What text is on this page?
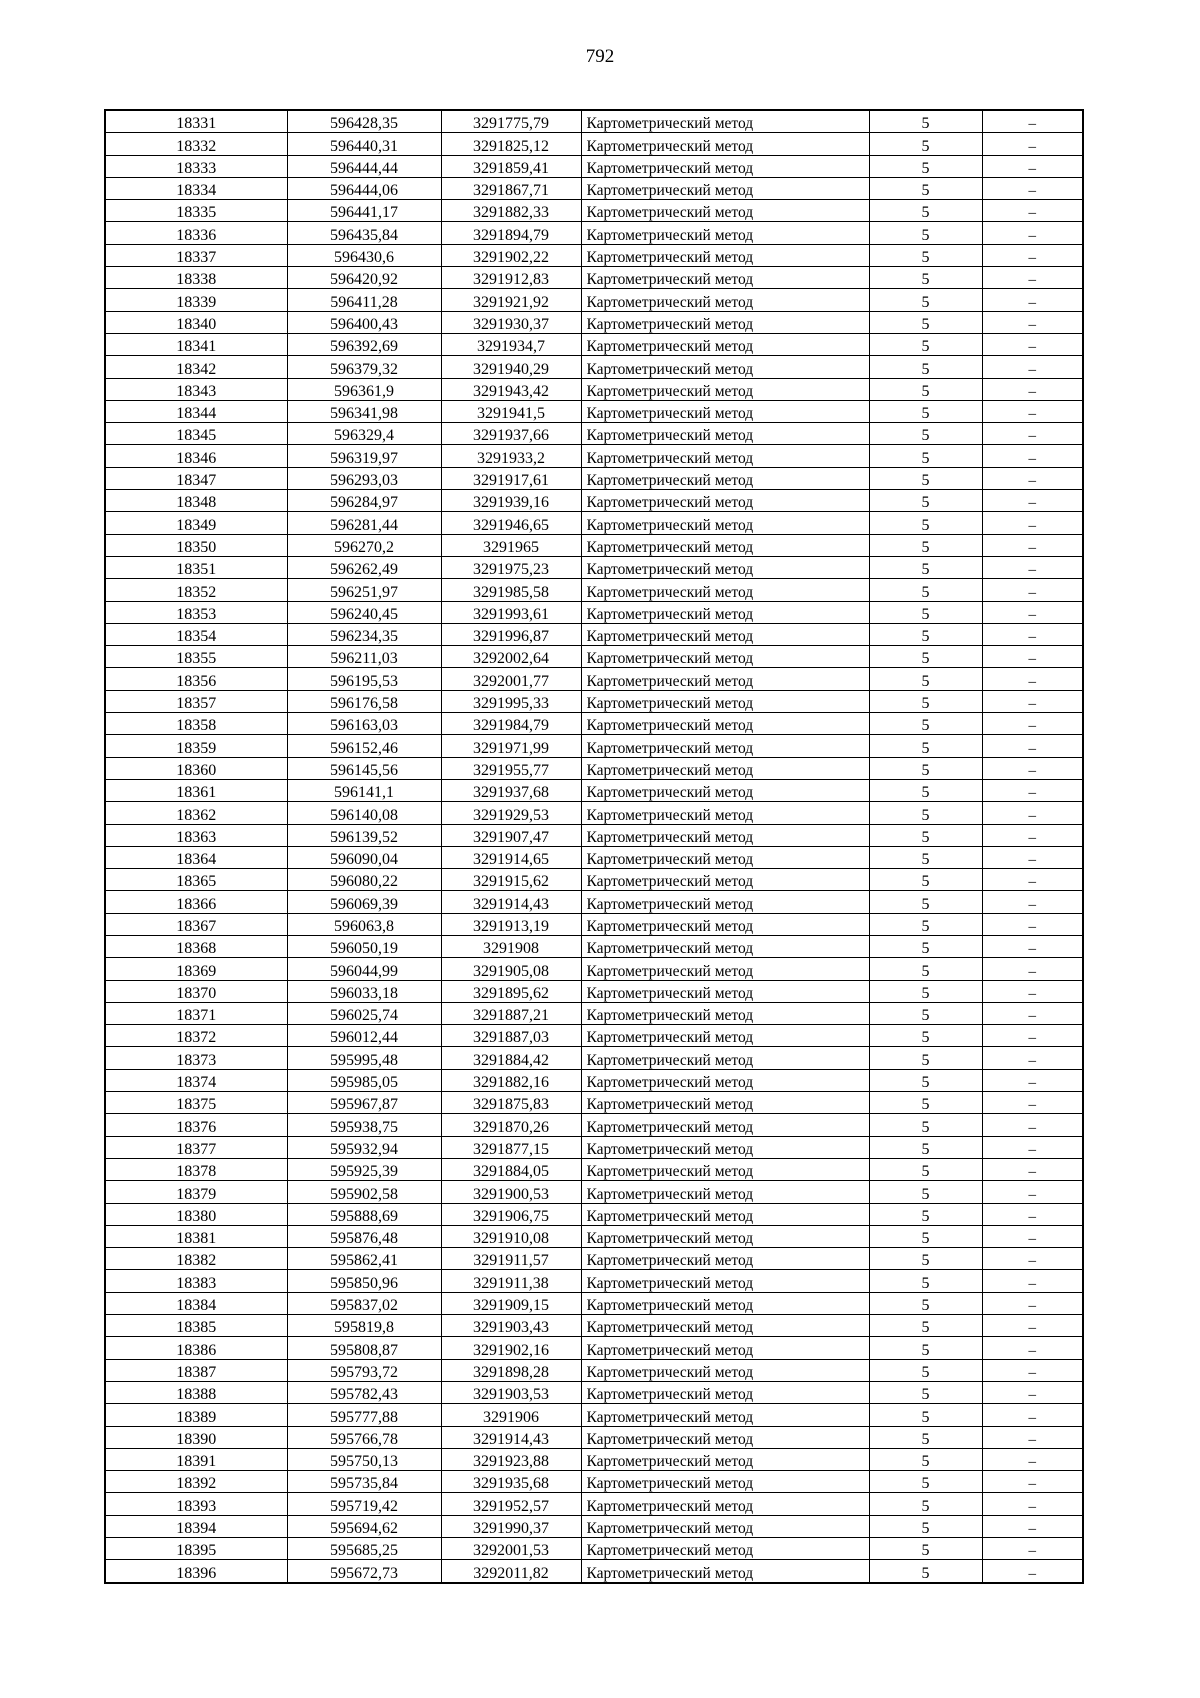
792
18331	596428,35	3291775,79	Картометрический метод	5	–
18332	596440,31	3291825,12	Картометрический метод	5	–
18333	596444,44	3291859,41	Картометрический метод	5	–
18334	596444,06	3291867,71	Картометрический метод	5	–
18335	596441,17	3291882,33	Картометрический метод	5	–
18336	596435,84	3291894,79	Картометрический метод	5	–
18337	596430,6	3291902,22	Картометрический метод	5	–
18338	596420,92	3291912,83	Картометрический метод	5	–
18339	596411,28	3291921,92	Картометрический метод	5	–
18340	596400,43	3291930,37	Картометрический метод	5	–
18341	596392,69	3291934,7	Картометрический метод	5	–
18342	596379,32	3291940,29	Картометрический метод	5	–
18343	596361,9	3291943,42	Картометрический метод	5	–
18344	596341,98	3291941,5	Картометрический метод	5	–
18345	596329,4	3291937,66	Картометрический метод	5	–
18346	596319,97	3291933,2	Картометрический метод	5	–
18347	596293,03	3291917,61	Картометрический метод	5	–
18348	596284,97	3291939,16	Картометрический метод	5	–
18349	596281,44	3291946,65	Картометрический метод	5	–
18350	596270,2	3291965	Картометрический метод	5	–
18351	596262,49	3291975,23	Картометрический метод	5	–
18352	596251,97	3291985,58	Картометрический метод	5	–
18353	596240,45	3291993,61	Картометрический метод	5	–
18354	596234,35	3291996,87	Картометрический метод	5	–
18355	596211,03	3292002,64	Картометрический метод	5	–
18356	596195,53	3292001,77	Картометрический метод	5	–
18357	596176,58	3291995,33	Картометрический метод	5	–
18358	596163,03	3291984,79	Картометрический метод	5	–
18359	596152,46	3291971,99	Картометрический метод	5	–
18360	596145,56	3291955,77	Картометрический метод	5	–
18361	596141,1	3291937,68	Картометрический метод	5	–
18362	596140,08	3291929,53	Картометрический метод	5	–
18363	596139,52	3291907,47	Картометрический метод	5	–
18364	596090,04	3291914,65	Картометрический метод	5	–
18365	596080,22	3291915,62	Картометрический метод	5	–
18366	596069,39	3291914,43	Картометрический метод	5	–
18367	596063,8	3291913,19	Картометрический метод	5	–
18368	596050,19	3291908	Картометрический метод	5	–
18369	596044,99	3291905,08	Картометрический метод	5	–
18370	596033,18	3291895,62	Картометрический метод	5	–
18371	596025,74	3291887,21	Картометрический метод	5	–
18372	596012,44	3291887,03	Картометрический метод	5	–
18373	595995,48	3291884,42	Картометрический метод	5	–
18374	595985,05	3291882,16	Картометрический метод	5	–
18375	595967,87	3291875,83	Картометрический метод	5	–
18376	595938,75	3291870,26	Картометрический метод	5	–
18377	595932,94	3291877,15	Картометрический метод	5	–
18378	595925,39	3291884,05	Картометрический метод	5	–
18379	595902,58	3291900,53	Картометрический метод	5	–
18380	595888,69	3291906,75	Картометрический метод	5	–
18381	595876,48	3291910,08	Картометрический метод	5	–
18382	595862,41	3291911,57	Картометрический метод	5	–
18383	595850,96	3291911,38	Картометрический метод	5	–
18384	595837,02	3291909,15	Картометрический метод	5	–
18385	595819,8	3291903,43	Картометрический метод	5	–
18386	595808,87	3291902,16	Картометрический метод	5	–
18387	595793,72	3291898,28	Картометрический метод	5	–
18388	595782,43	3291903,53	Картометрический метод	5	–
18389	595777,88	3291906	Картометрический метод	5	–
18390	595766,78	3291914,43	Картометрический метод	5	–
18391	595750,13	3291923,88	Картометрический метод	5	–
18392	595735,84	3291935,68	Картометрический метод	5	–
18393	595719,42	3291952,57	Картометрический метод	5	–
18394	595694,62	3291990,37	Картометрический метод	5	–
18395	595685,25	3292001,53	Картометрический метод	5	–
18396	595672,73	3292011,82	Картометрический метод	5	–
